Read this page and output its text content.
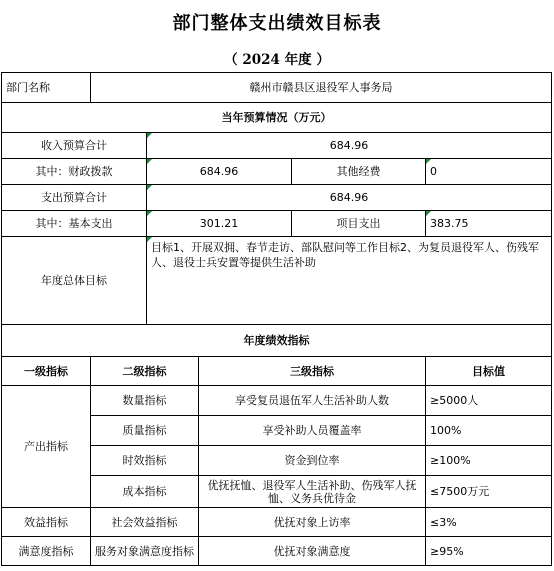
部门整体支出绩效目标表
（ 2024 年度 ）
部门名称	赣州市赣县区退役军人事务局				
当年预算情况（万元）					
收入预算合计		684.96			
其中：财政拨款		684.96		其他经费	0
支出预算合计		684.96			
其中：基本支出		301.21		项目支出	383.75
年度总体目标		目标1、开展双拥、春节走访、部队慰问等工作目标2、为复员退役军人、伤残军人、退役士兵安置等提供生活补助			
年度绩效指标					
一级指标	二级指标		三级指标		目标值
产出指标	数量指标		享受复员退伍军人生活补助人数		≥5000人
	质量指标		享受补助人员覆盖率		100%
	时效指标		资金到位率		≥100%
	成本指标		优抚抚恤、退役军人生活补助、伤残军人抚恤、义务兵优待金		≤7500万元
效益指标	社会效益指标		优抚对象上访率		≤3%
满意度指标	服务对象满意度指标		优抚对象满意度		≥95%
